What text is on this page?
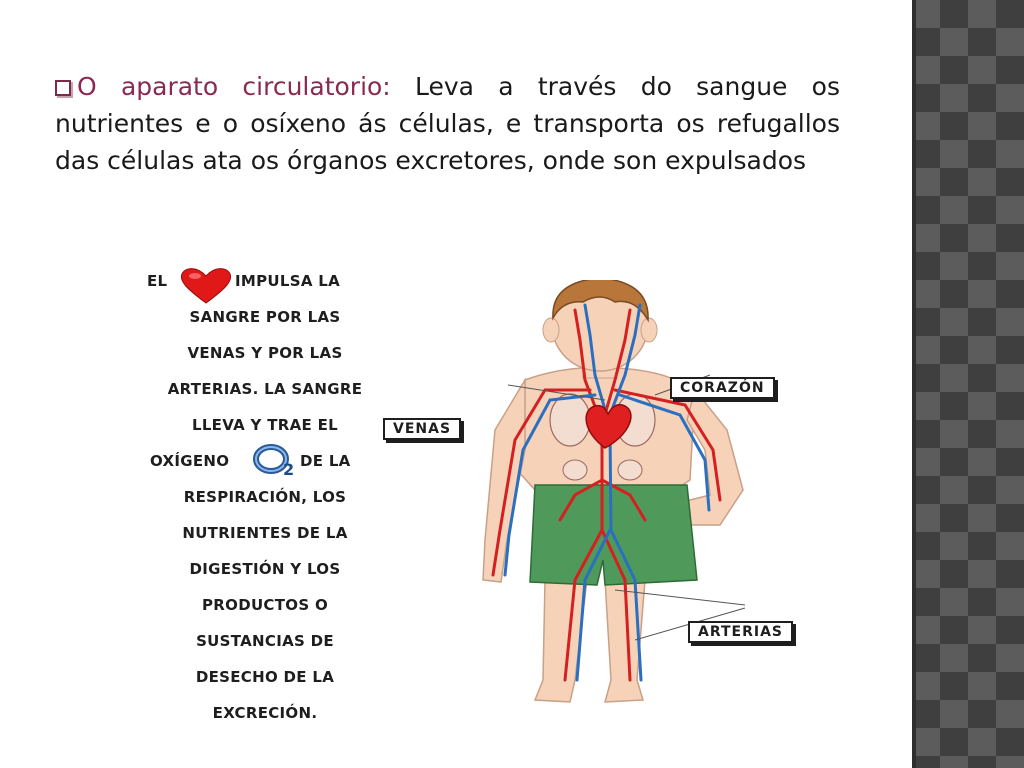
O aparato circulatorio: Leva a través do sangue os nutrientes e o osíxeno ás células, e transporta os refugallos das células ata os órganos excretores, onde son expulsados
EL	IMPULSA LA
SANGRE POR LAS
VENAS Y POR LAS
ARTERIAS. LA SANGRE
LLEVA Y TRAE EL
OXÍGENO	2 DE LA
RESPIRACIÓN, LOS
NUTRIENTES DE LA
DIGESTIÓN Y LOS
PRODUCTOS O
SUSTANCIAS DE
DESECHO DE LA
EXCRECIÓN.
CORAZÓN
VENAS
ARTERIAS
